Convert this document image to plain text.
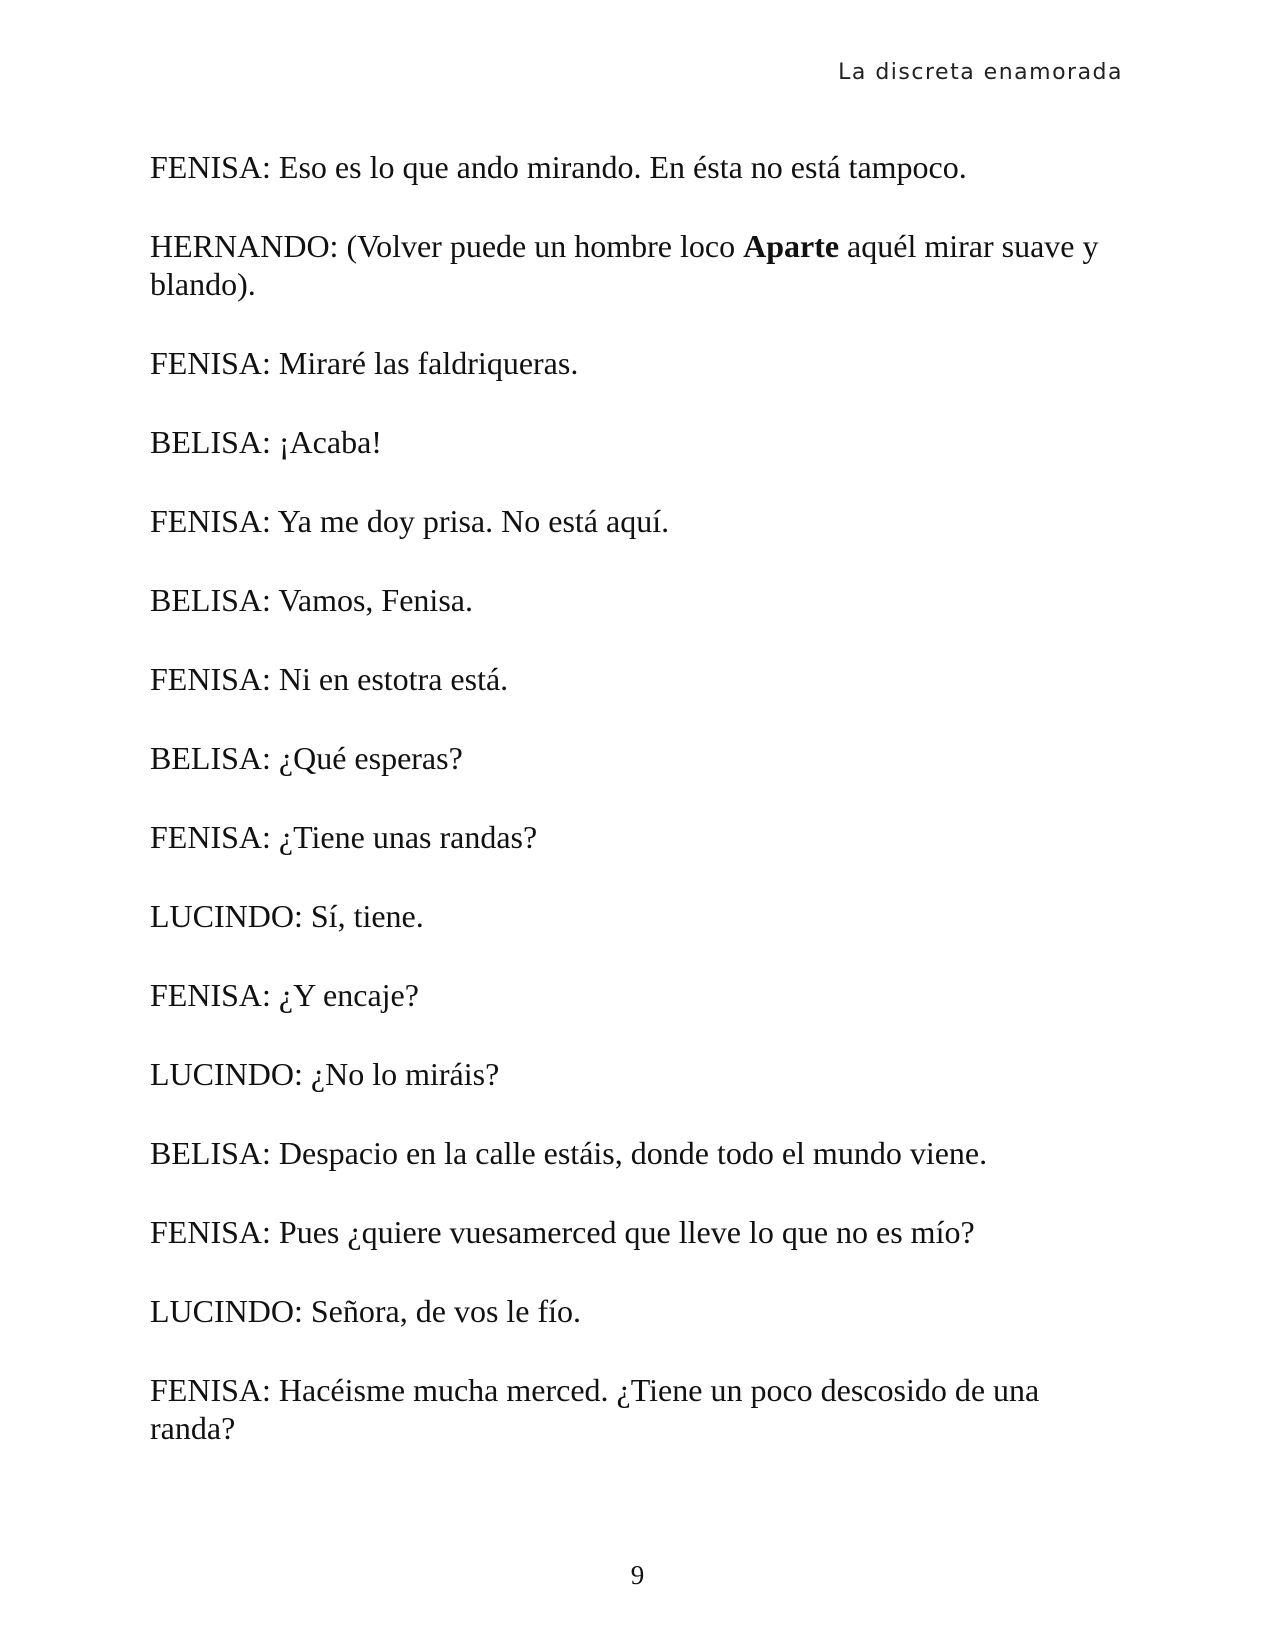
La discreta enamorada

FENISA: Eso es lo que ando mirando. En ésta no está tampoco.

HERNANDO: (Volver puede un hombre loco Aparte aquél mirar suave y blando).

FENISA: Miraré las faldriqueras.

BELISA: ¡Acaba!

FENISA: Ya me doy prisa. No está aquí.

BELISA: Vamos, Fenisa.

FENISA: Ni en estotra está.

BELISA: ¿Qué esperas?

FENISA: ¿Tiene unas randas?

LUCINDO: Sí, tiene.

FENISA: ¿Y encaje?

LUCINDO: ¿No lo miráis?

BELISA: Despacio en la calle estáis, donde todo el mundo viene.

FENISA: Pues ¿quiere vuesamerced que lleve lo que no es mío?

LUCINDO: Señora, de vos le fío.

FENISA: Hacéisme mucha merced. ¿Tiene un poco descosido de una randa?

9
